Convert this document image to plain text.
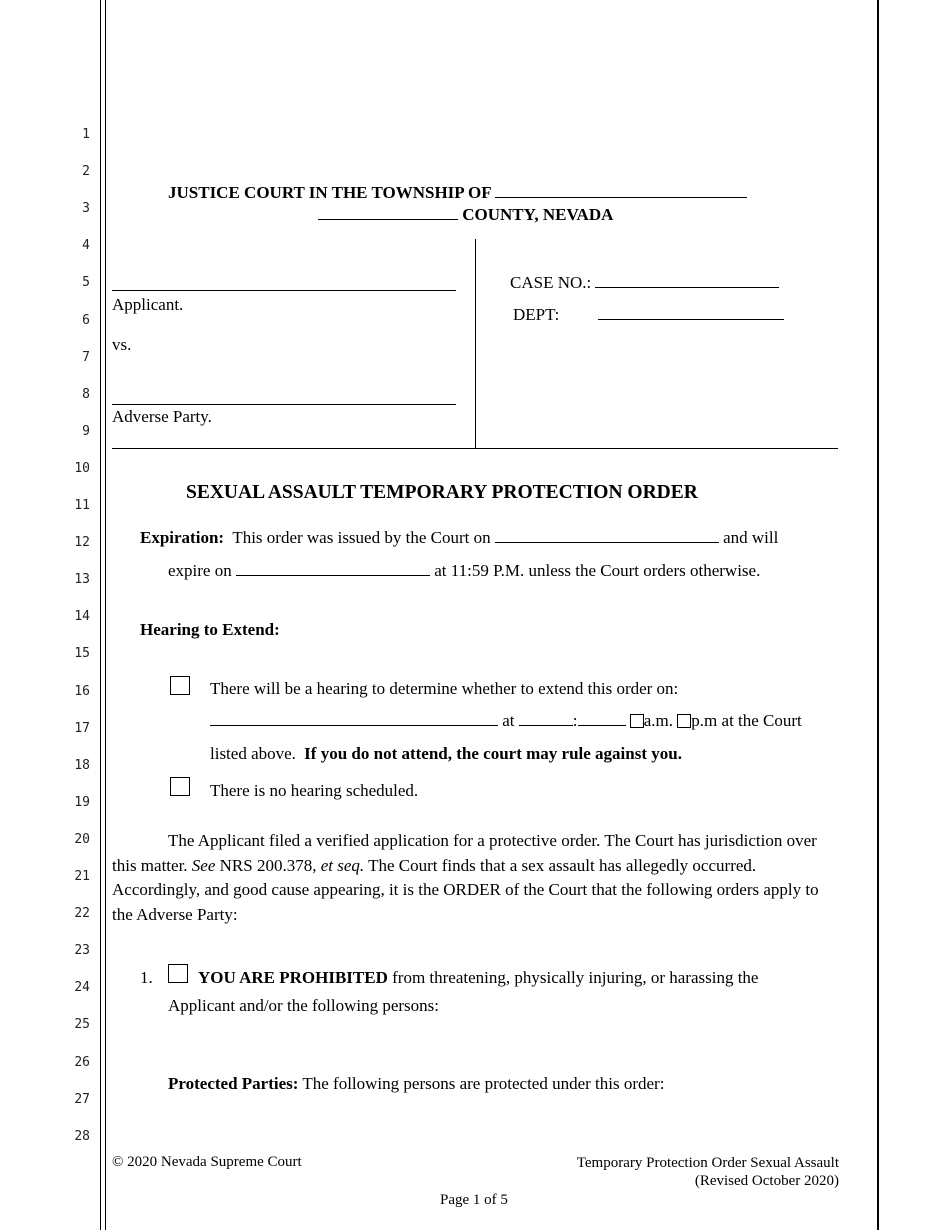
1
2
3
4
5
6
7
8
9
10
11
12
13
14
15
16
17
18
19
20
21
22
23
24
25
26
27
28
JUSTICE COURT IN THE TOWNSHIP OF
COUNTY, NEVADA
Applicant.
vs.
Adverse Party.
CASE NO.:
DEPT:
SEXUAL ASSAULT TEMPORARY PROTECTION ORDER
Expiration: This order was issued by the Court on	and will
expire on	at 11:59 P.M. unless the Court orders otherwise.
Hearing to Extend:
There will be a hearing to determine whether to extend this order on:
at	:	a.m. p.m at the Court
listed above. If you do not attend, the court may rule against you.
There is no hearing scheduled.
The Applicant filed a verified application for a protective order. The Court has jurisdiction over this matter. See NRS 200.378, et seq. The Court finds that a sex assault has allegedly occurred. Accordingly, and good cause appearing, it is the ORDER of the Court that the following orders apply to the Adverse Party:
1.	YOU ARE PROHIBITED from threatening, physically injuring, or harassing the
Applicant and/or the following persons:
Protected Parties: The following persons are protected under this order:
© 2020 Nevada Supreme Court	Temporary Protection Order Sexual Assault
(Revised October 2020)
Page 1 of 5
